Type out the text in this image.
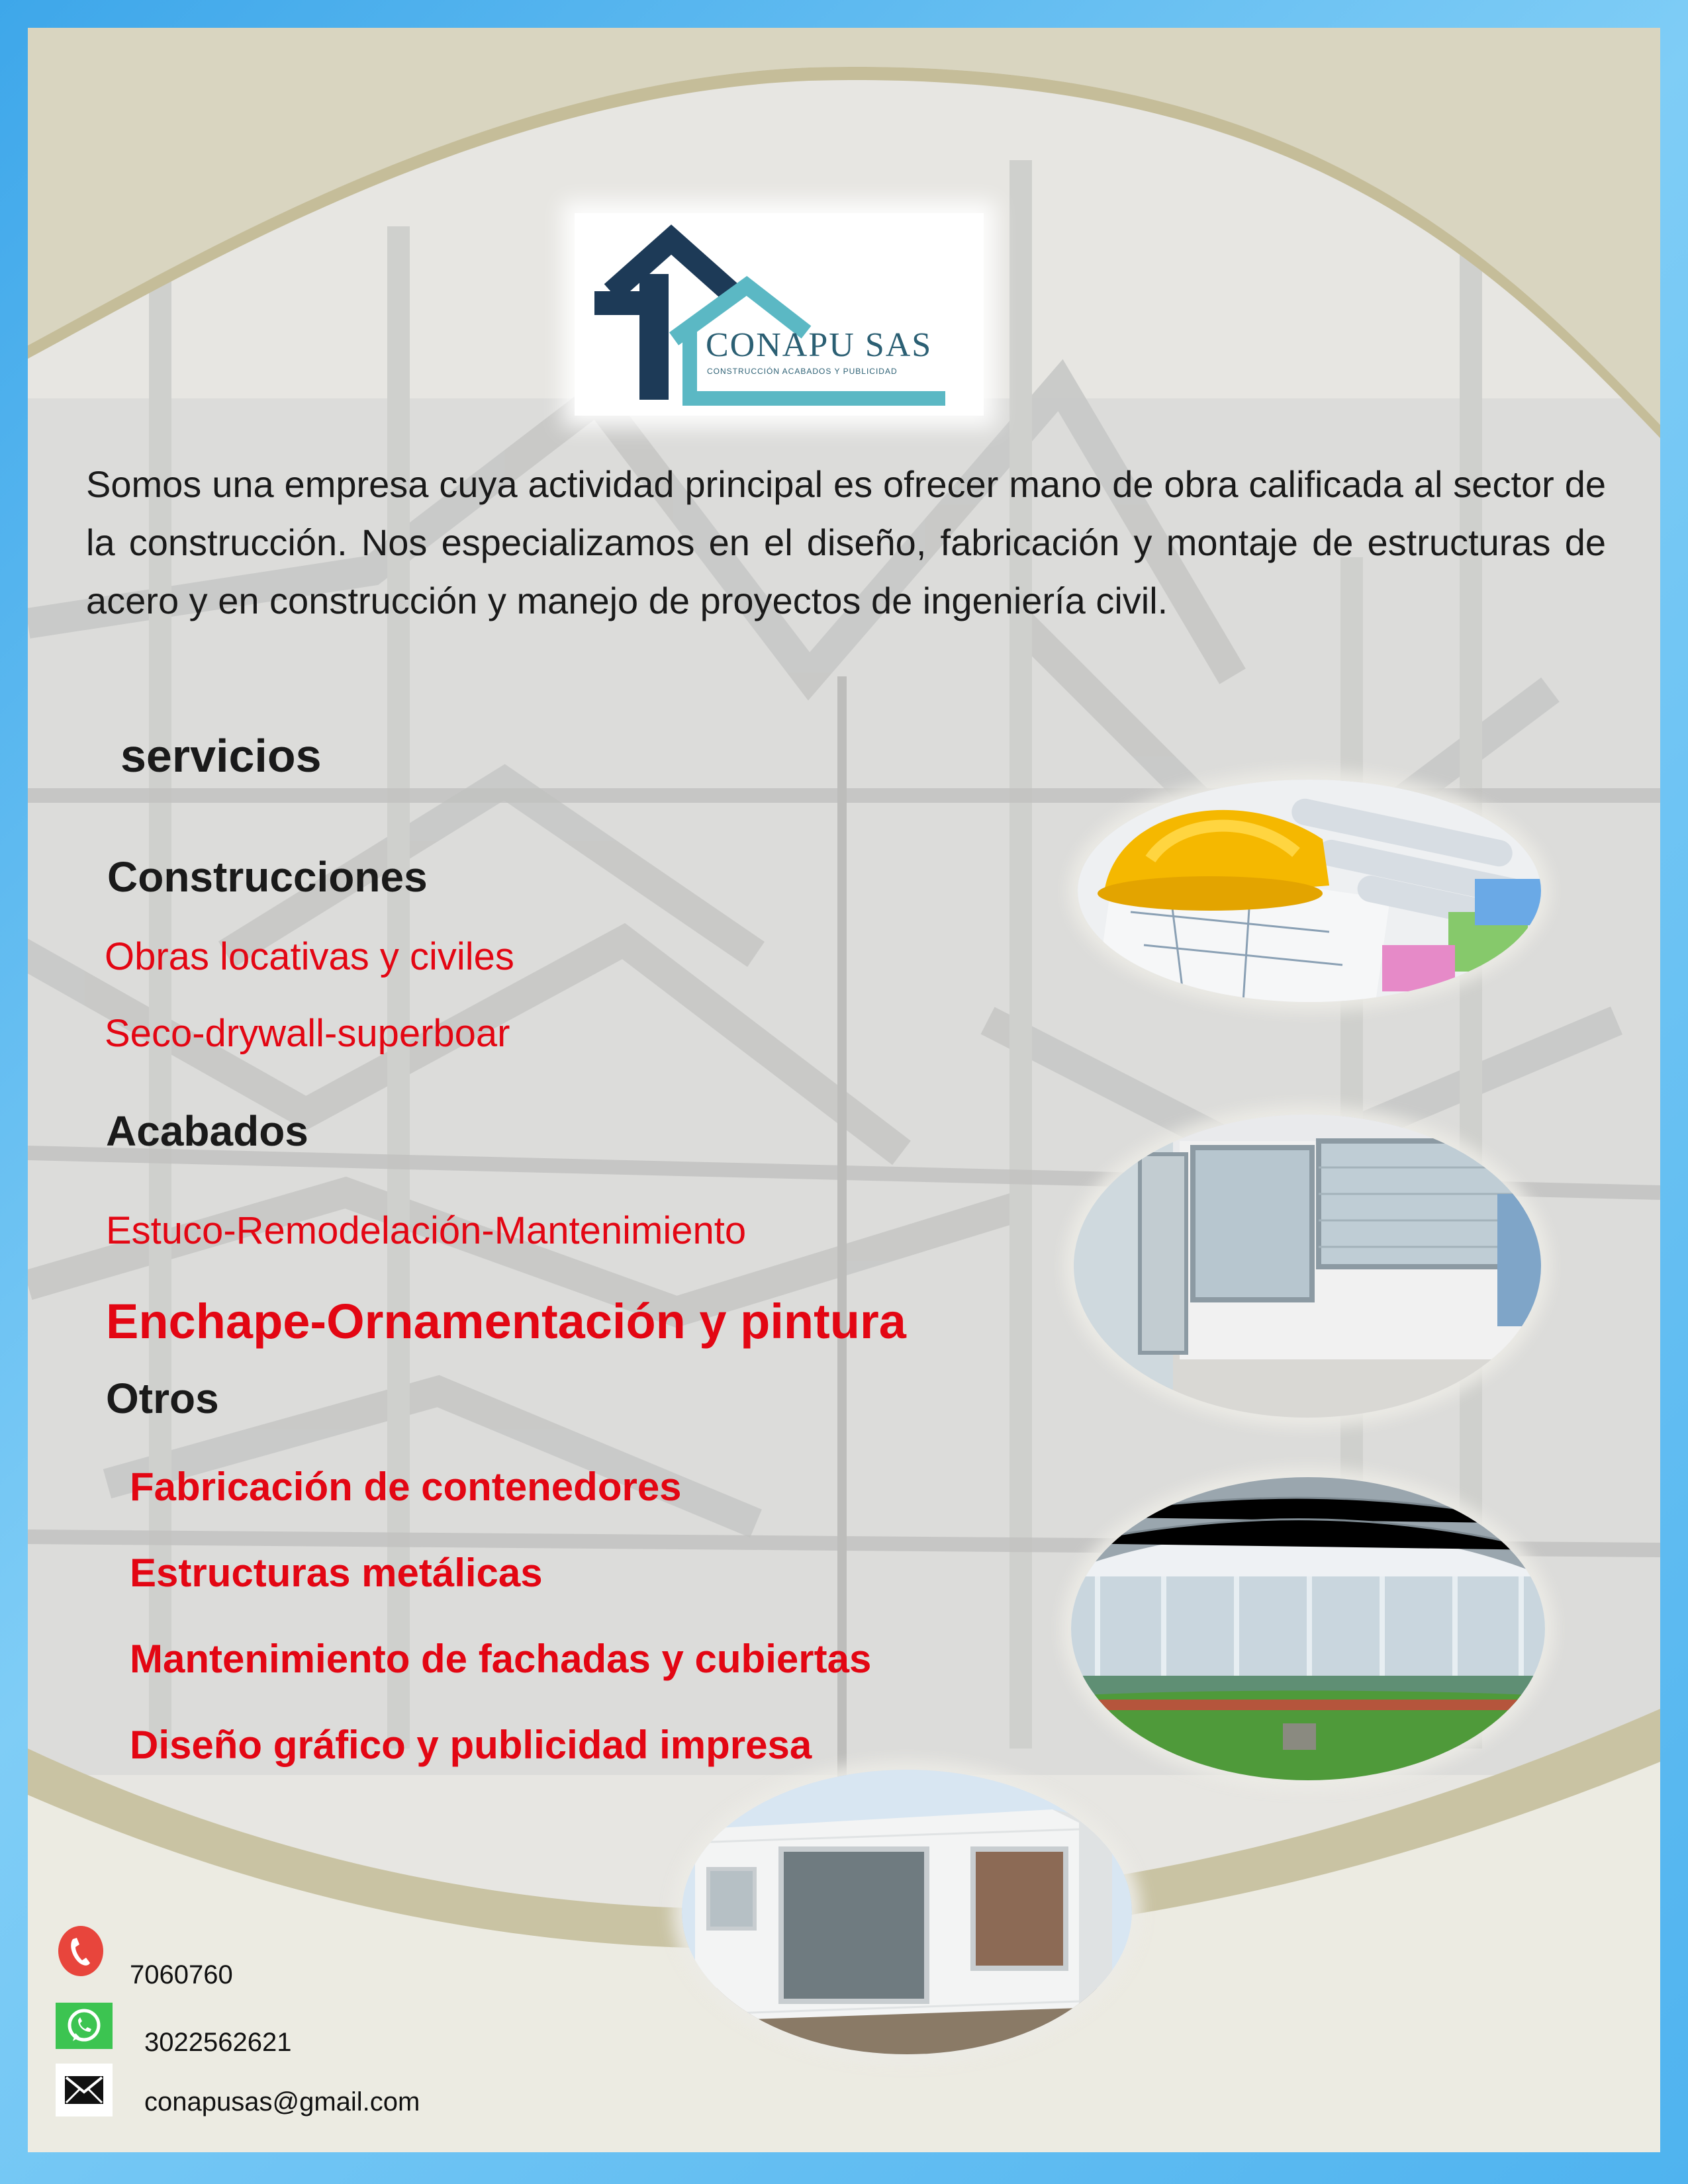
CONAPU SAS
CONSTRUCCIÓN ACABADOS Y PUBLICIDAD

Somos una empresa cuya actividad principal es ofrecer mano de obra calificada al sector de la construcción. Nos especializamos en el diseño, fabricación y montaje de estructuras de acero y en construcción y manejo de proyectos de ingeniería civil.

servicios
Construcciones
Obras locativas y civiles
Seco-drywall-superboar
Acabados
Estuco-Remodelación-Mantenimiento
Enchape-Ornamentación y pintura
Otros
Fabricación de contenedores
Estructuras metálicas
Mantenimiento de fachadas y cubiertas
Diseño gráfico y publicidad impresa
7060760
3022562621
conapusas@gmail.com
